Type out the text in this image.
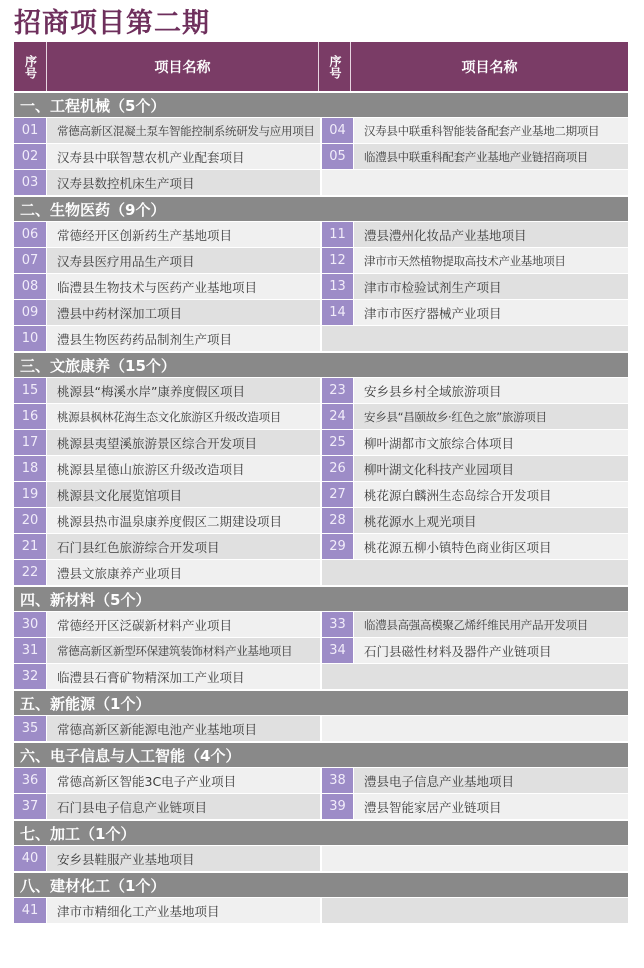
招商项目第二期
序号	项目名称	序号	项目名称
一、工程机械（5个）
01	常德高新区混凝土泵车智能控制系统研发与应用项目	04	汉寿县中联重科智能装备配套产业基地二期项目
02	汉寿县中联智慧农机产业配套项目	05	临澧县中联重科配套产业基地产业链招商项目
03	汉寿县数控机床生产项目
二、生物医药（9个）
06	常德经开区创新药生产基地项目	11	澧县澧州化妆品产业基地项目
07	汉寿县医疗用品生产项目	12	津市市天然植物提取高技术产业基地项目
08	临澧县生物技术与医药产业基地项目	13	津市市检验试剂生产项目
09	澧县中药材深加工项目	14	津市市医疗器械产业项目
10	澧县生物医药药品制剂生产项目
三、文旅康养（15个）
15	桃源县“梅溪水岸”康养度假区项目	23	安乡县乡村全域旅游项目
16	桃源县枫林花海生态文化旅游区升级改造项目	24	安乡县“昌颐故乡·红色之旅”旅游项目
17	桃源县夷望溪旅游景区综合开发项目	25	柳叶湖都市文旅综合体项目
18	桃源县星德山旅游区升级改造项目	26	柳叶湖文化科技产业园项目
19	桃源县文化展览馆项目	27	桃花源白麟洲生态岛综合开发项目
20	桃源县热市温泉康养度假区二期建设项目	28	桃花源水上观光项目
21	石门县红色旅游综合开发项目	29	桃花源五柳小镇特色商业街区项目
22	澧县文旅康养产业项目
四、新材料（5个）
30	常德经开区泛碳新材料产业项目	33	临澧县高强高模聚乙烯纤维民用产品开发项目
31	常德高新区新型环保建筑装饰材料产业基地项目	34	石门县磁性材料及器件产业链项目
32	临澧县石膏矿物精深加工产业项目
五、新能源（1个）
35	常德高新区新能源电池产业基地项目
六、电子信息与人工智能（4个）
36	常德高新区智能3C电子产业项目	38	澧县电子信息产业基地项目
37	石门县电子信息产业链项目	39	澧县智能家居产业链项目
七、加工（1个）
40	安乡县鞋服产业基地项目
八、建材化工（1个）
41	津市市精细化工产业基地项目
